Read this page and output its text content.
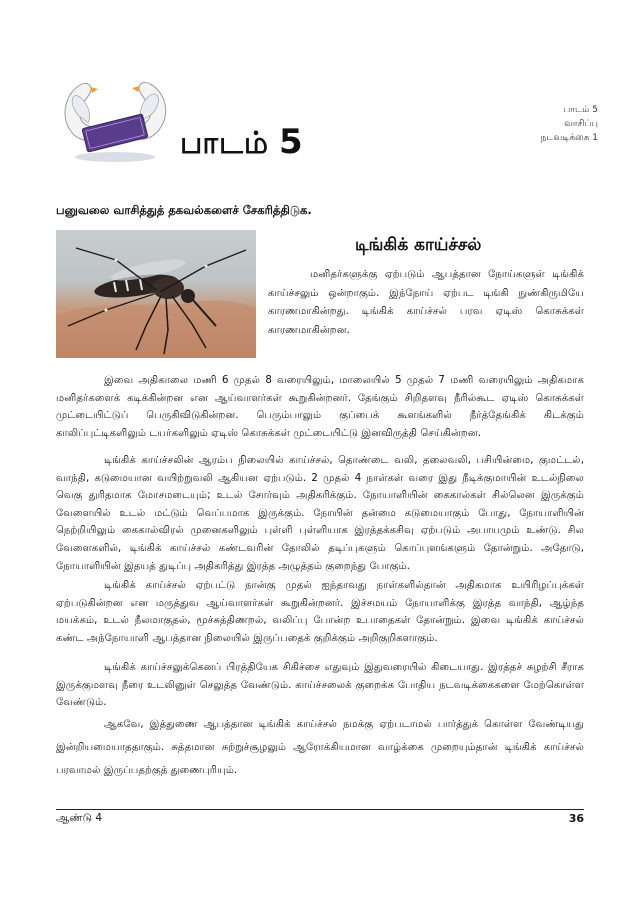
பாடம் 5
பாடம் 5
வாசிப்பு
நடவடிக்கை 1
பனுவலை வாசித்துத் தகவல்களைச் சேகரித்திடுக.
டிங்கிக் காய்ச்சல்
மனிதர்களுக்கு ஏற்படும் ஆபத்தான நோய்களுள் டிங்கிக் காய்ச்சலும் ஒன்றாகும். இந்நோய் ஏற்பட டிங்கி நுண்கிருமியே காரணமாகின்றது. டிங்கிக் காய்ச்சல் பரவ ஏடிஸ் கொசுக்கள் காரணமாகின்றன.
இவை அதிகாலை மணி 6 முதல் 8 வரையிலும், மாலையில் 5 முதல் 7 மணி வரையிலும் அதிகமாக மனிதர்களைக் கடிக்கின்றன என ஆய்வாளர்கள் கூறுகின்றனர். தேங்கும் சிறிதளவு நீரில்கூட ஏடிஸ் கொசுக்கள் முட்டையிட்டுப் பெருகிவிடுகின்றன. பெரும்பாலும் குப்பைக் கூளங்களில் நீர்த்தேங்கிக் கிடக்கும் காலிப்புட்டிகளிலும் டயர்களிலும் ஏடிஸ் கொசுக்கள் முட்டையிட்டு இனவிருத்தி செய்கின்றன.
டிங்கிக் காய்ச்சலின் ஆரம்ப நிலையில் காய்ச்சல், தொண்டை வலி, தலைவலி, பசியின்மை, குமட்டல், வாந்தி, கடுமையான வயிற்றுவலி ஆகியன ஏற்படும். 2 முதல் 4 நாள்கள் வரை இது நீடிக்குமாயின் உடல்நிலை வெகு துரிதமாக மோசமடையும்; உடல் சோர்வும் அதிகரிக்கும். நோயாளியின் கைகால்கள் சில்லென இருக்கும் வேளையில் உடல் மட்டும் வெப்பமாக இருக்கும். நோயின் தன்மை கடுமையாகும் போது, நோயாளியின் நெற்றியிலும் கைகால்விரல் முனைகளிலும் புள்ளி புள்ளியாக இரத்தக்கசிவு ஏற்படும் அபாயமும் உண்டு. சில வேளைகளில், டிங்கிக் காய்ச்சல் கண்டவரின் தோலில் தடிப்புகளும் கொப்புளங்களும் தோன்றும். அதோடு, நோயாளியின் இதயத் துடிப்பு அதிகரித்து இரத்த அழுத்தம் குறைந்து போகும்.
டிங்கிக் காய்ச்சல் ஏற்பட்டு நான்கு முதல் ஐந்தாவது நாள்களில்தான் அதிகமாக உயிரிழப்புக்கள் ஏற்படுகின்றன என மருத்துவ ஆய்வாளர்கள் கூறுகின்றனர். இச்சமயம் நோயாளிக்கு இரத்த வாந்தி, ஆழ்ந்த மயக்கம், உடல் நீலமாகுதல், மூச்சுத்திணறல், வலிப்பு போன்ற உபாதைகள் தோன்றும். இவை டிங்கிக் காய்ச்சல் கண்ட அந்நோயாளி ஆபத்தான நிலையில் இருப்பதைக் குறிக்கும் அறிகுறிகளாகும்.
டிங்கிக் காய்ச்சலுக்கெனப் பிரத்தியேக சிகிச்சை எதுவும் இதுவரையில் கிடையாது. இரத்தச் சுழற்சி சீராக இருக்குமளவு நீரை உடலினுள் செலுத்த வேண்டும். காய்ச்சலைக் குறைக்க போதிய நடவடிக்கைகளை மேற்கொள்ள வேண்டும்.
ஆகவே, இத்துணை ஆபத்தான டிங்கிக் காய்ச்சல் நமக்கு ஏற்படாமல் பார்த்துக் கொள்ள வேண்டியது இன்றியமையாததாகும். சுத்தமான சுற்றுச்சூழலும் ஆரோக்கியமான வாழ்க்கை முறையும்தான் டிங்கிக் காய்ச்சல் பரவாமல் இருப்பதற்குத் துணைபுரியும்.
ஆண்டு 4	36
